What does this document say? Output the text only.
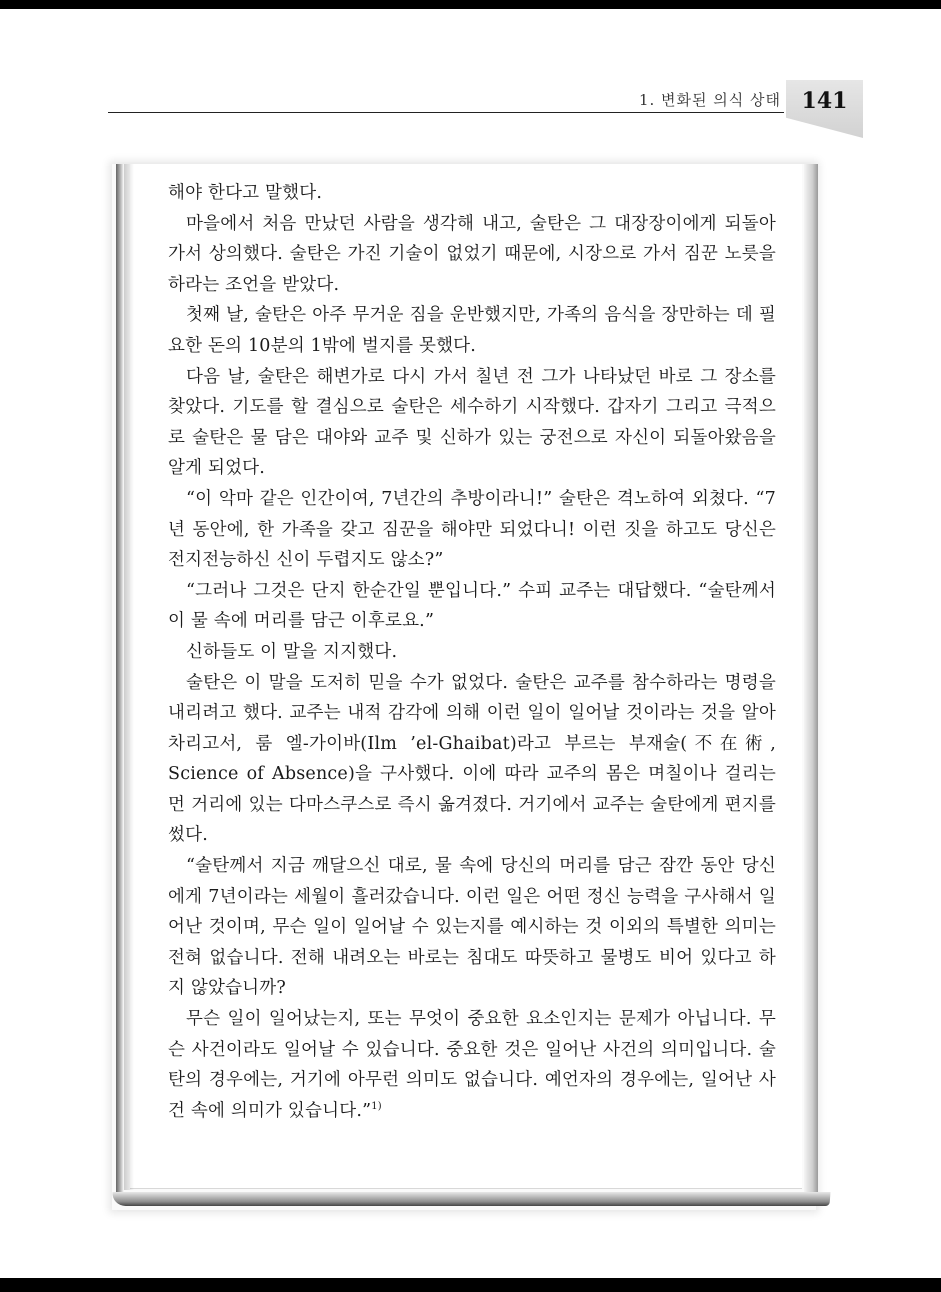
1. 변화된 의식 상태 141

해야 한다고 말했다.

마을에서 처음 만났던 사람을 생각해 내고, 술탄은 그 대장장이에게 되돌아 가서 상의했다. 술탄은 가진 기술이 없었기 때문에, 시장으로 가서 짐꾼 노릇을 하라는 조언을 받았다.

첫째 날, 술탄은 아주 무거운 짐을 운반했지만, 가족의 음식을 장만하는 데 필요한 돈의 10분의 1밖에 벌지를 못했다.

다음 날, 술탄은 해변가로 다시 가서 칠년 전 그가 나타났던 바로 그 장소를 찾았다. 기도를 할 결심으로 술탄은 세수하기 시작했다. 갑자기 그리고 극적으로 술탄은 물 담은 대야와 교주 및 신하가 있는 궁전으로 자신이 되돌아왔음을 알게 되었다.

“이 악마 같은 인간이여, 7년간의 추방이라니!” 술탄은 격노하여 외쳤다. “7년 동안에, 한 가족을 갖고 짐꾼을 해야만 되었다니! 이런 짓을 하고도 당신은 전지전능하신 신이 두렵지도 않소?”

“그러나 그것은 단지 한순간일 뿐입니다.” 수피 교주는 대답했다. “술탄께서 이 물 속에 머리를 담근 이후로요.”

신하들도 이 말을 지지했다.

술탄은 이 말을 도저히 믿을 수가 없었다. 술탄은 교주를 참수하라는 명령을 내리려고 했다. 교주는 내적 감각에 의해 이런 일이 일어날 것이라는 것을 알아차리고서, 룸 엘-가이바(Ilm ’el-Ghaibat)라고 부르는 부재술(不在術, Science of Absence)을 구사했다. 이에 따라 교주의 몸은 며칠이나 걸리는 먼 거리에 있는 다마스쿠스로 즉시 옮겨졌다. 거기에서 교주는 술탄에게 편지를 썼다.

“술탄께서 지금 깨달으신 대로, 물 속에 당신의 머리를 담근 잠깐 동안 당신에게 7년이라는 세월이 흘러갔습니다. 이런 일은 어떤 정신 능력을 구사해서 일어난 것이며, 무슨 일이 일어날 수 있는지를 예시하는 것 이외의 특별한 의미는 전혀 없습니다. 전해 내려오는 바로는 침대도 따뜻하고 물병도 비어 있다고 하지 않았습니까?

무슨 일이 일어났는지, 또는 무엇이 중요한 요소인지는 문제가 아닙니다. 무슨 사건이라도 일어날 수 있습니다. 중요한 것은 일어난 사건의 의미입니다. 술탄의 경우에는, 거기에 아무런 의미도 없습니다. 예언자의 경우에는, 일어난 사건 속에 의미가 있습니다.”$^{1)}$
